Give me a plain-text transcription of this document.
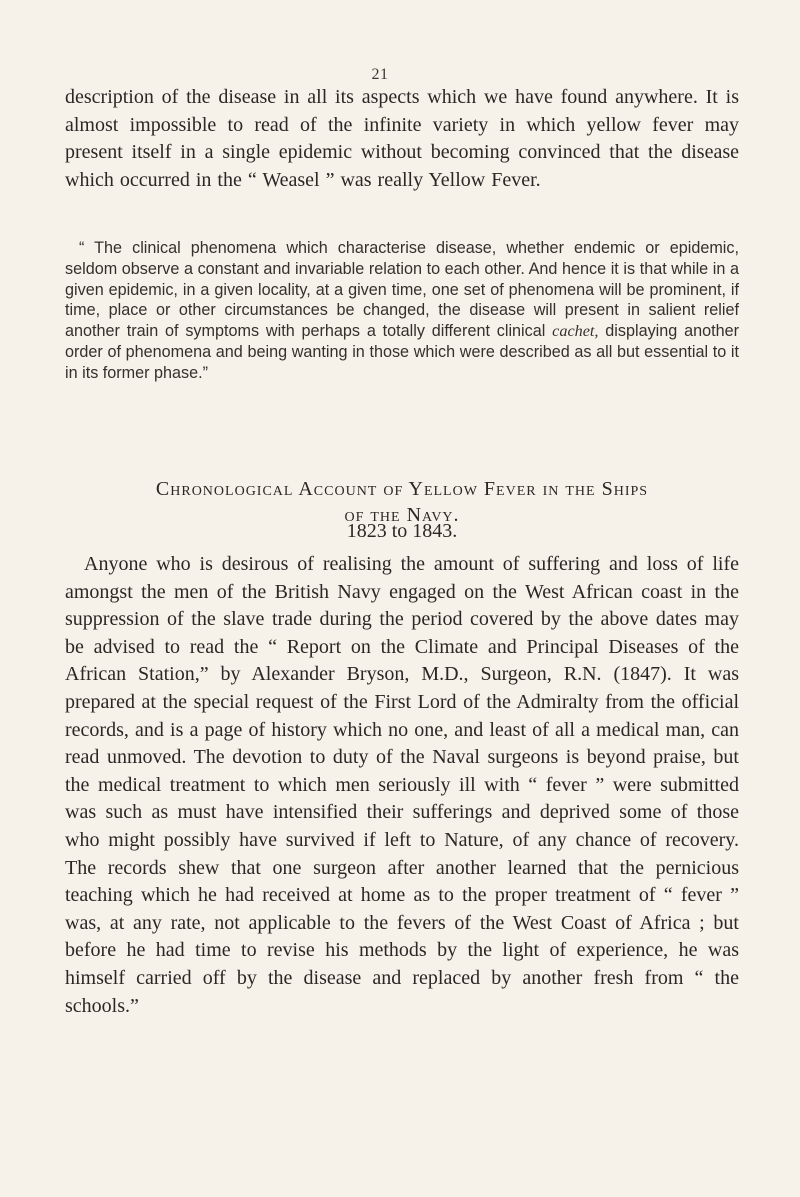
21

description of the disease in all its aspects which we have found anywhere. It is almost impossible to read of the infinite variety in which yellow fever may present itself in a single epidemic without becoming convinced that the disease which occurred in the “ Weasel ” was really Yellow Fever.

“ The clinical phenomena which characterise disease, whether endemic or epidemic, seldom observe a constant and invariable relation to each other. And hence it is that while in a given epidemic, in a given locality, at a given time, one set of phenomena will be prominent, if time, place or other circumstances be changed, the disease will present in salient relief another train of symptoms with perhaps a totally different clinical cachet, displaying another order of phenomena and being wanting in those which were described as all but essential to it in its former phase.”
Chronological Account of Yellow Fever in the Ships
of the Navy.
1823 to 1843.

Anyone who is desirous of realising the amount of suffering and loss of life amongst the men of the British Navy engaged on the West African coast in the suppression of the slave trade during the period covered by the above dates may be advised to read the “ Report on the Climate and Principal Diseases of the African Station,” by Alexander Bryson, M.D., Surgeon, R.N. (1847). It was prepared at the special request of the First Lord of the Admiralty from the official records, and is a page of history which no one, and least of all a medical man, can read unmoved. The devotion to duty of the Naval surgeons is beyond praise, but the medical treatment to which men seriously ill with “ fever ” were submitted was such as must have intensified their sufferings and deprived some of those who might possibly have survived if left to Nature, of any chance of recovery. The records shew that one surgeon after another learned that the pernicious teaching which he had received at home as to the proper treatment of “ fever ” was, at any rate, not applicable to the fevers of the West Coast of Africa ; but before he had time to revise his methods by the light of experience, he was himself carried off by the disease and replaced by another fresh from “ the schools.”
